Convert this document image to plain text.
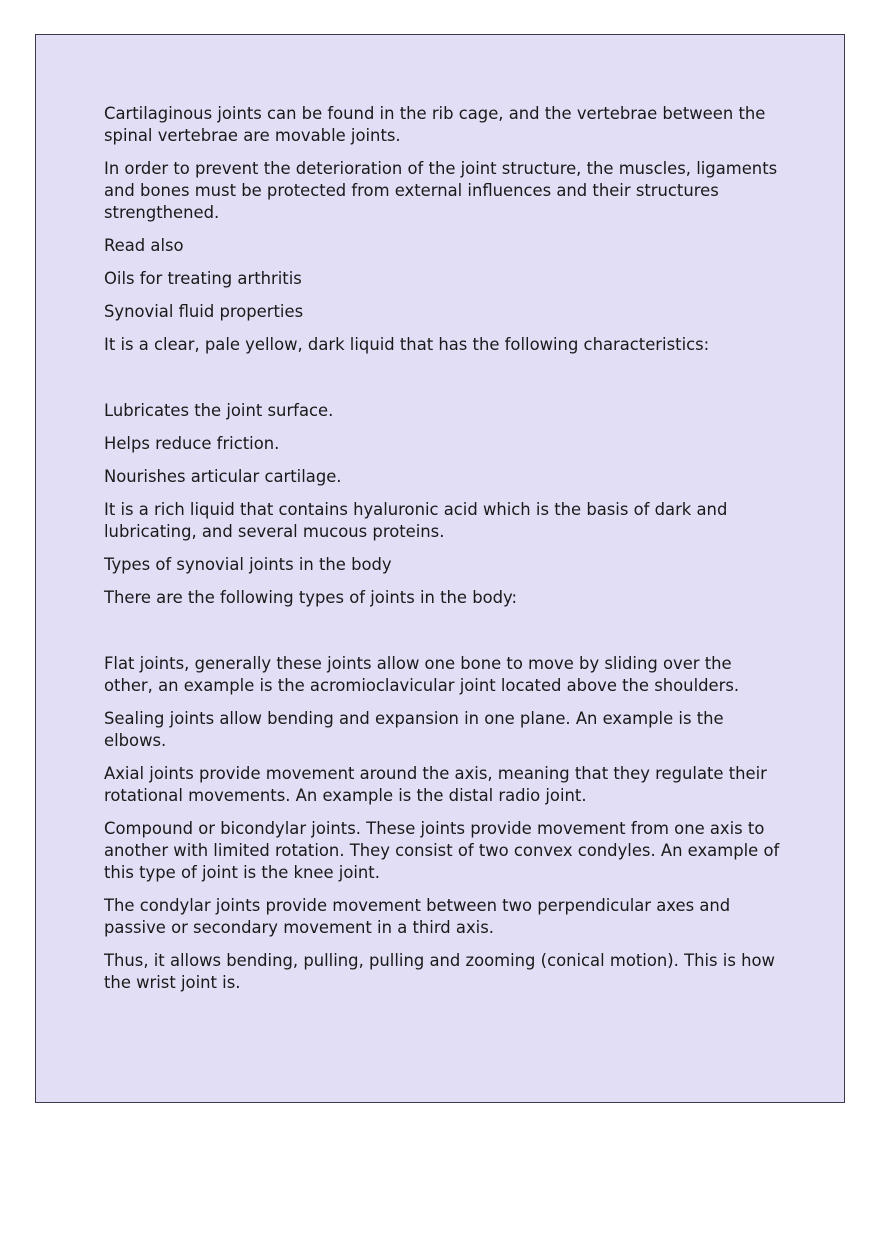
Cartilaginous joints can be found in the rib cage, and the vertebrae between the spinal vertebrae are movable joints.

In order to prevent the deterioration of the joint structure, the muscles, ligaments and bones must be protected from external influences and their structures strengthened.

Read also

Oils for treating arthritis

Synovial fluid properties

It is a clear, pale yellow, dark liquid that has the following characteristics:

Lubricates the joint surface.

Helps reduce friction.

Nourishes articular cartilage.

It is a rich liquid that contains hyaluronic acid which is the basis of dark and lubricating, and several mucous proteins.

Types of synovial joints in the body

There are the following types of joints in the body:

Flat joints, generally these joints allow one bone to move by sliding over the other, an example is the acromioclavicular joint located above the shoulders.

Sealing joints allow bending and expansion in one plane. An example is the elbows.

Axial joints provide movement around the axis, meaning that they regulate their rotational movements. An example is the distal radio joint.

Compound or bicondylar joints. These joints provide movement from one axis to another with limited rotation. They consist of two convex condyles. An example of this type of joint is the knee joint.

The condylar joints provide movement between two perpendicular axes and passive or secondary movement in a third axis.

Thus, it allows bending, pulling, pulling and zooming (conical motion). This is how the wrist joint is.
